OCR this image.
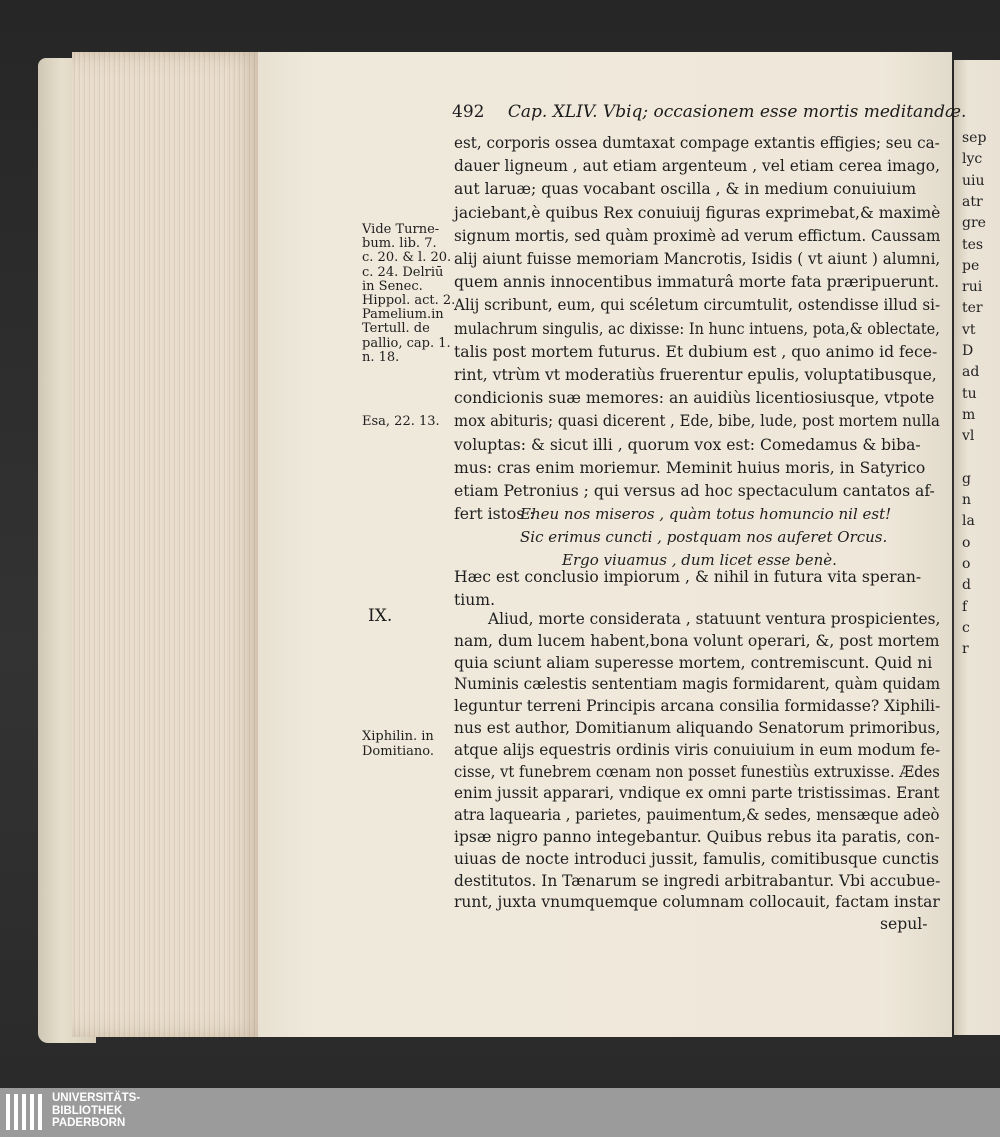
sep
lyc
uiu
atr
gre
tes
pe
rui
ter
vt
D
ad
tu
m
vl
g
n
la
o
o
d
f
c
r
492 Cap. XLIV. Vbiq; occasionem esse mortis meditandæ.
est, corporis ossea dumtaxat compage extantis effigies; seu ca-
dauer ligneum , aut etiam argenteum , vel etiam cerea imago,
aut laruæ; quas vocabant oscilla , & in medium conuiuium
jaciebant,è quibus Rex conuiuij figuras exprimebat,& maximè
signum mortis, sed quàm proximè ad verum effictum. Caussam
alij aiunt fuisse memoriam Mancrotis, Isidis ( vt aiunt ) alumni,
quem annis innocentibus immaturâ morte fata præripuerunt.
Alij scribunt, eum, qui scéletum circumtulit, ostendisse illud si-
mulachrum singulis, ac dixisse: In hunc intuens, pota,& oblectate,
talis post mortem futurus. Et dubium est , quo animo id fece-
rint, vtrùm vt moderatiùs fruerentur epulis, voluptatibusque,
condicionis suæ memores: an auidiùs licentiosiusque, vtpote
mox abituris; quasi dicerent , Ede, bibe, lude, post mortem nulla
voluptas: & sicut illi , quorum vox est: Comedamus & biba-
mus: cras enim moriemur. Meminit huius moris, in Satyrico
etiam Petronius ; qui versus ad hoc spectaculum cantatos af-
fert istos :
Eheu nos miseros , quàm totus homuncio nil est!
Sic erimus cuncti , postquam nos auferet Orcus.
Ergo viuamus , dum licet esse benè.
Hæc est conclusio impiorum , & nihil in futura vita speran-
tium.
Aliud, morte considerata , statuunt ventura prospicientes,
nam, dum lucem habent,bona volunt operari, &, post mortem
quia sciunt aliam superesse mortem, contremiscunt. Quid ni
Numinis cælestis sententiam magis formidarent, quàm quidam
leguntur terreni Principis arcana consilia formidasse? Xiphili-
nus est author, Domitianum aliquando Senatorum primoribus,
atque alijs equestris ordinis viris conuiuium in eum modum fe-
cisse, vt funebrem cœnam non posset funestiùs extruxisse. Ædes
enim jussit apparari, vndique ex omni parte tristissimas. Erant
atra laquearia , parietes, pauimentum,& sedes, mensæque adeò
ipsæ nigro panno integebantur. Quibus rebus ita paratis, con-
uiuas de nocte introduci jussit, famulis, comitibusque cunctis
destitutos. In Tænarum se ingredi arbitrabantur. Vbi accubue-
runt, juxta vnumquemque columnam collocauit, factam instar
sepul-
Vide Turne-
bum. lib. 7.
c. 20. & l. 20.
c. 24. Delriū
in Senec.
Hippol. act. 2.
Pamelium.in
Tertull. de
pallio, cap. 1.
n. 18.
Esa, 22. 13.
Xiphilin. in
Domitiano.
IX.
UNIVERSITÄTS-
BIBLIOTHEK
PADERBORN
